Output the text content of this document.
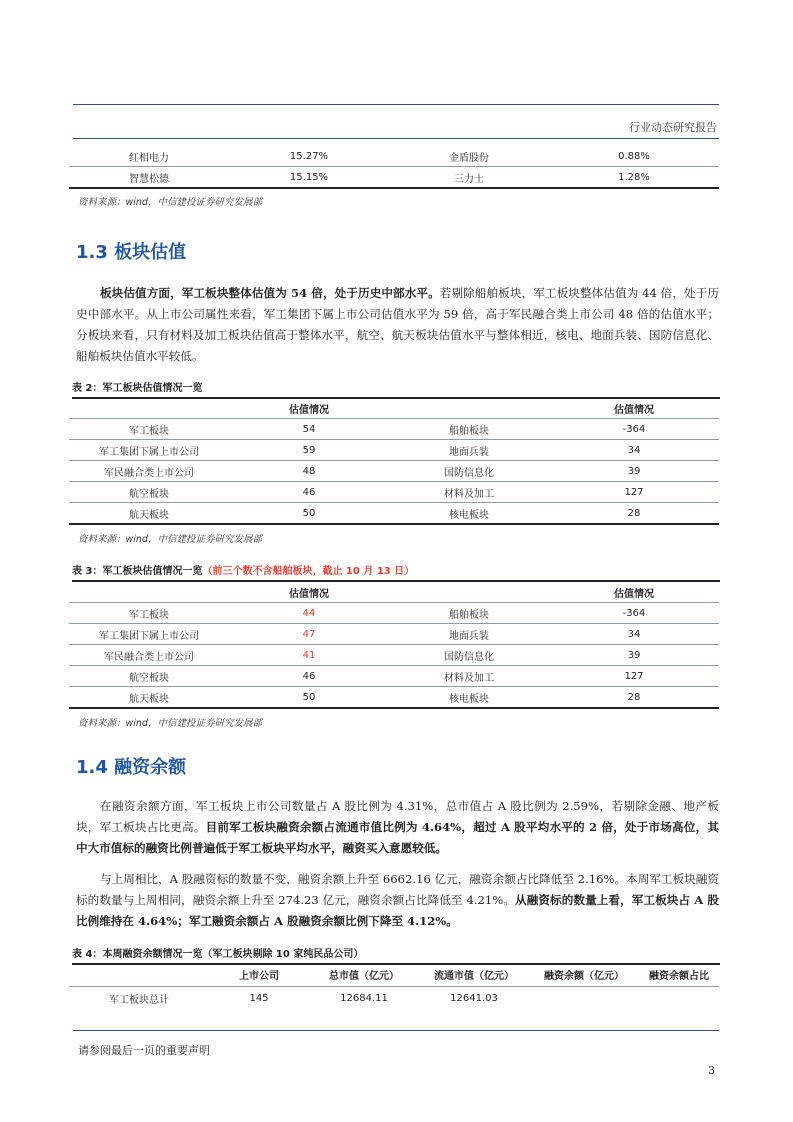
行业动态研究报告
红相电力	15.27%	金盾股份	0.88%
智慧松德	15.15%	三力士	1.28%
资料来源：wind，中信建投证券研究发展部
1.3 板块估值
板块估值方面，军工板块整体估值为 54 倍，处于历史中部水平。若剔除船舶板块，军工板块整体估值为 44 倍，处于历史中部水平。从上市公司属性来看，军工集团下属上市公司估值水平为 59 倍，高于军民融合类上市公司 48 倍的估值水平；分板块来看，只有材料及加工板块估值高于整体水平，航空、航天板块估值水平与整体相近，核电、地面兵装、国防信息化、船舶板块估值水平较低。
表 2：军工板块估值情况一览
	估值情况		估值情况
军工板块	54	船舶板块	-364
军工集团下属上市公司	59	地面兵装	34
军民融合类上市公司	48	国防信息化	39
航空板块	46	材料及加工	127
航天板块	50	核电板块	28
资料来源：wind，中信建投证券研究发展部
表 3：军工板块估值情况一览（前三个数不含船舶板块，截止 10 月 13 日）
	估值情况		估值情况
军工板块	44	船舶板块	-364
军工集团下属上市公司	47	地面兵装	34
军民融合类上市公司	41	国防信息化	39
航空板块	46	材料及加工	127
航天板块	50	核电板块	28
资料来源：wind，中信建投证券研究发展部
1.4 融资余额
在融资余额方面，军工板块上市公司数量占 A 股比例为 4.31%，总市值占 A 股比例为 2.59%，若剔除金融、地产板块，军工板块占比更高。目前军工板块融资余额占流通市值比例为 4.64%，超过 A 股平均水平的 2 倍，处于市场高位，其中大市值标的融资比例普遍低于军工板块平均水平，融资买入意愿较低。
与上周相比，A 股融资标的数量不变，融资余额上升至 6662.16 亿元，融资余额占比降低至 2.16%。本周军工板块融资标的数量与上周相同，融资余额上升至 274.23 亿元，融资余额占比降低至 4.21%。从融资标的数量上看，军工板块占 A 股比例维持在 4.64%；军工融资余额占 A 股融资余额比例下降至 4.12%。
表 4：本周融资余额情况一览（军工板块剔除 10 家纯民品公司）
	上市公司	总市值（亿元）	流通市值（亿元）	融资余额（亿元）	融资余额占比
军工板块总计	145	12684.11	12641.03		
请参阅最后一页的重要声明
3
